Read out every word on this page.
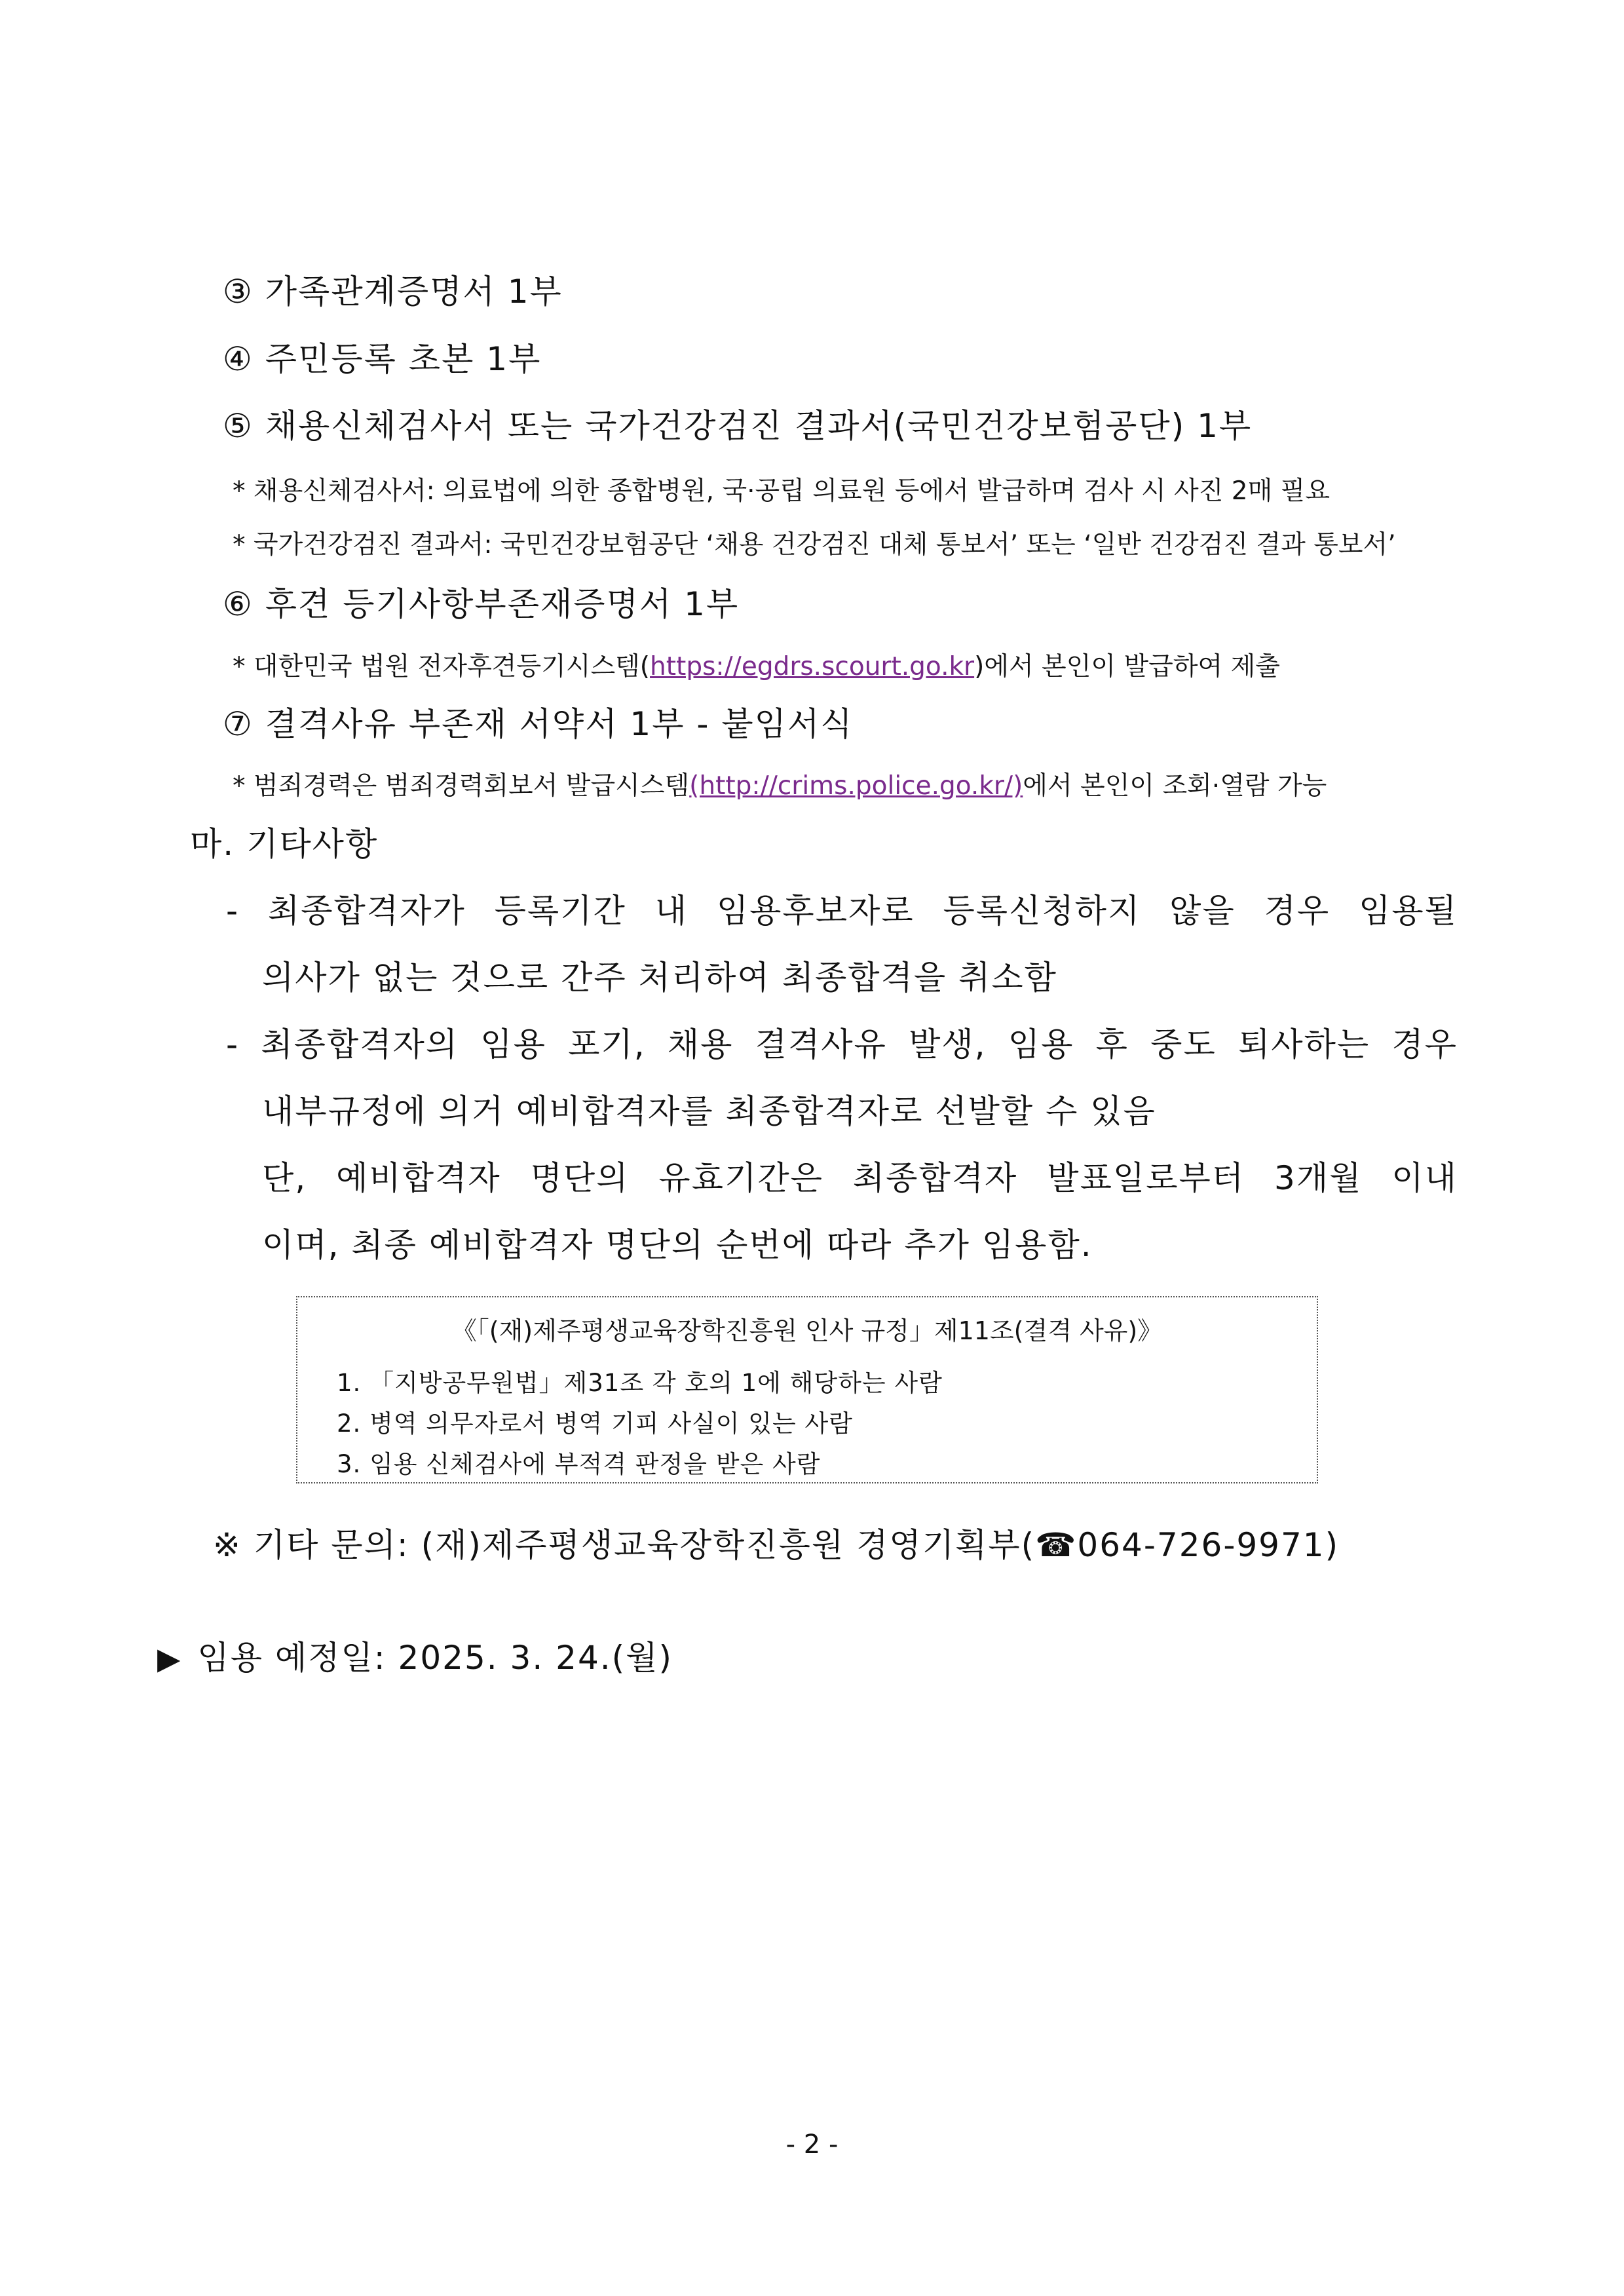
③ 가족관계증명서 1부
④ 주민등록 초본 1부
⑤ 채용신체검사서 또는 국가건강검진 결과서(국민건강보험공단) 1부
* 채용신체검사서: 의료법에 의한 종합병원, 국·공립 의료원 등에서 발급하며 검사 시 사진 2매 필요
* 국가건강검진 결과서: 국민건강보험공단 ‘채용 건강검진 대체 통보서’ 또는 ‘일반 건강검진 결과 통보서’
⑥ 후견 등기사항부존재증명서 1부
* 대한민국 법원 전자후견등기시스템(https://egdrs.scourt.go.kr)에서 본인이 발급하여 제출
⑦ 결격사유 부존재 서약서 1부 - 붙임서식
* 범죄경력은 범죄경력회보서 발급시스템(http://crims.police.go.kr/)에서 본인이 조회·열람 가능
마. 기타사항
- 최종합격자가 등록기간 내 임용후보자로 등록신청하지 않을 경우 임용될
의사가 없는 것으로 간주 처리하여 최종합격을 취소함
- 최종합격자의 임용 포기, 채용 결격사유 발생, 임용 후 중도 퇴사하는 경우
내부규정에 의거 예비합격자를 최종합격자로 선발할 수 있음
단, 예비합격자 명단의 유효기간은 최종합격자 발표일로부터 3개월 이내
이며, 최종 예비합격자 명단의 순번에 따라 추가 임용함.
《「(재)제주평생교육장학진흥원 인사 규정」제11조(결격 사유)》
1. 「지방공무원법」제31조 각 호의 1에 해당하는 사람
2. 병역 의무자로서 병역 기피 사실이 있는 사람
3. 임용 신체검사에 부적격 판정을 받은 사람
※ 기타 문의: (재)제주평생교육장학진흥원 경영기획부(☎064-726-9971)
▶ 임용 예정일: 2025. 3. 24.(월)
- 2 -
